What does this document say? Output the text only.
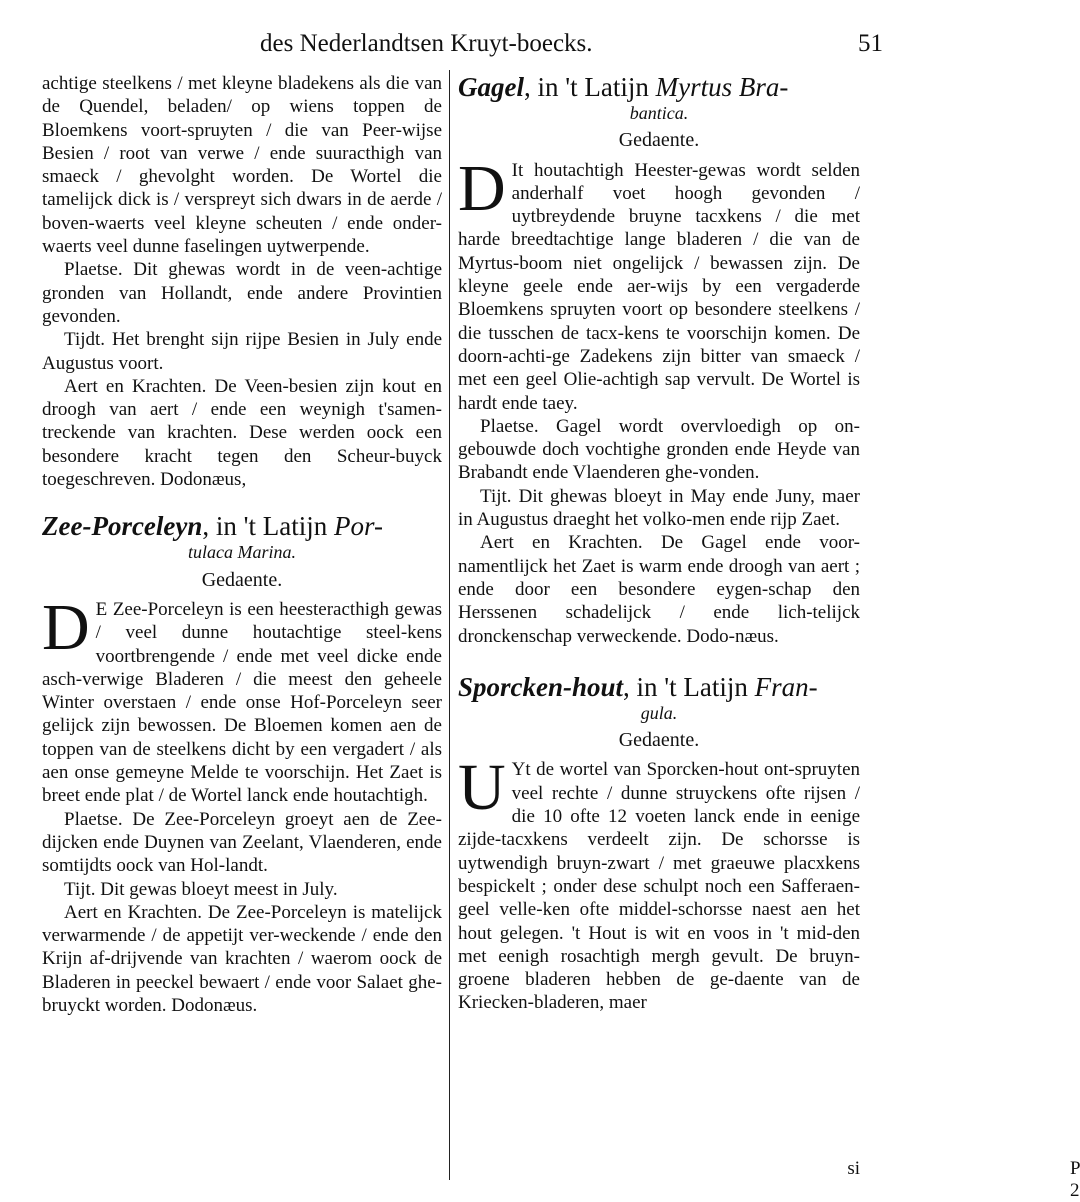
des Nederlandtsen Kruyt-boecks.	51

achtige steelkens / met kleyne bladekens als die van de Quendel, beladen/ op wiens toppen de Bloemkens voort-spruyten / die van Peer-wijse Besien / root van verwe / ende suuracthigh van smaeck / ghevolght worden. De Wortel die tamelijck dick is / verspreyt sich dwars in de aerde / boven-waerts veel kleyne scheuten / ende onder-waerts veel dunne faselingen uytwerpende.

Plaetse. Dit ghewas wordt in de veen-achtige gronden van Hollandt, ende andere Provintien gevonden.

Tijdt. Het brenght sijn rijpe Besien in July ende Augustus voort.

Aert en Krachten. De Veen-besien zijn kout en droogh van aert / ende een weynigh t'samen-treckende van krachten. Dese werden oock een besondere kracht tegen den Scheur-buyck toegeschreven. Dodonæus,

Zee-Porceleyn, in 't Latijn Por-
tulaca Marina.
Gedaente.

D E Zee-Porceleyn is een heesteracthigh gewas / veel dunne houtachtige steel-kens voortbrengende / ende met veel dicke ende asch-verwige Bladeren / die meest den geheele Winter overstaen / ende onse Hof-Porceleyn seer gelijck zijn bewossen. De Bloemen komen aen de toppen van de steelkens dicht by een vergadert / als aen onse gemeyne Melde te voorschijn. Het Zaet is breet ende plat / de Wortel lanck ende houtachtigh.

Plaetse. De Zee-Porceleyn groeyt aen de Zee-dijcken ende Duynen van Zeelant, Vlaenderen, ende somtijdts oock van Hol-landt.

Tijt. Dit gewas bloeyt meest in July.

Aert en Krachten. De Zee-Porceleyn is matelijck verwarmende / de appetijt ver-weckende / ende den Krijn af-drijvende van krachten / waerom oock de Bladeren in peeckel bewaert / ende voor Salaet ghe-bruyckt worden. Dodonæus.

Gagel, in 't Latijn Myrtus Bra-
bantica.
Gedaente.

D It houtachtigh Heester-gewas wordt selden anderhalf voet hoogh gevonden / uytbreydende bruyne tacxkens / die met harde breedtachtige lange bladeren / die van de Myrtus-boom niet ongelijck / bewassen zijn. De kleyne geele ende aer-wijs by een vergaderde Bloemkens spruyten voort op besondere steelkens / die tusschen de tacx-kens te voorschijn komen. De doorn-achti-ge Zadekens zijn bitter van smaeck / met een geel Olie-achtigh sap vervult. De Wortel is hardt ende taey.

Plaetse. Gagel wordt overvloedigh op on-gebouwde doch vochtighe gronden ende Heyde van Brabandt ende Vlaenderen ghe-vonden.

Tijt. Dit ghewas bloeyt in May ende Juny, maer in Augustus draeght het volko-men ende rijp Zaet.

Aert en Krachten. De Gagel ende voor-namentlijck het Zaet is warm ende droogh van aert ; ende door een besondere eygen-schap den Herssenen schadelijck / ende lich-telijck dronckenschap verweckende. Dodo-næus.

Sporcken-hout, in 't Latijn Fran-
gula.
Gedaente.

U Yt de wortel van Sporcken-hout ont-spruyten veel rechte / dunne struyckens ofte rijsen / die 10 ofte 12 voeten lanck ende in eenige zijde-tacxkens verdeelt zijn. De schorsse is uytwendigh bruyn-zwart / met graeuwe placxkens bespickelt ; onder dese schulpt noch een Safferaen-geel velle-ken ofte middel-schorsse naest aen het hout gelegen. 't Hout is wit en voos in 't mid-den met eenigh rosachtigh mergh gevult. De bruyn-groene bladeren hebben de ge-daente van de Kriecken-bladeren, maer

P 2
si
